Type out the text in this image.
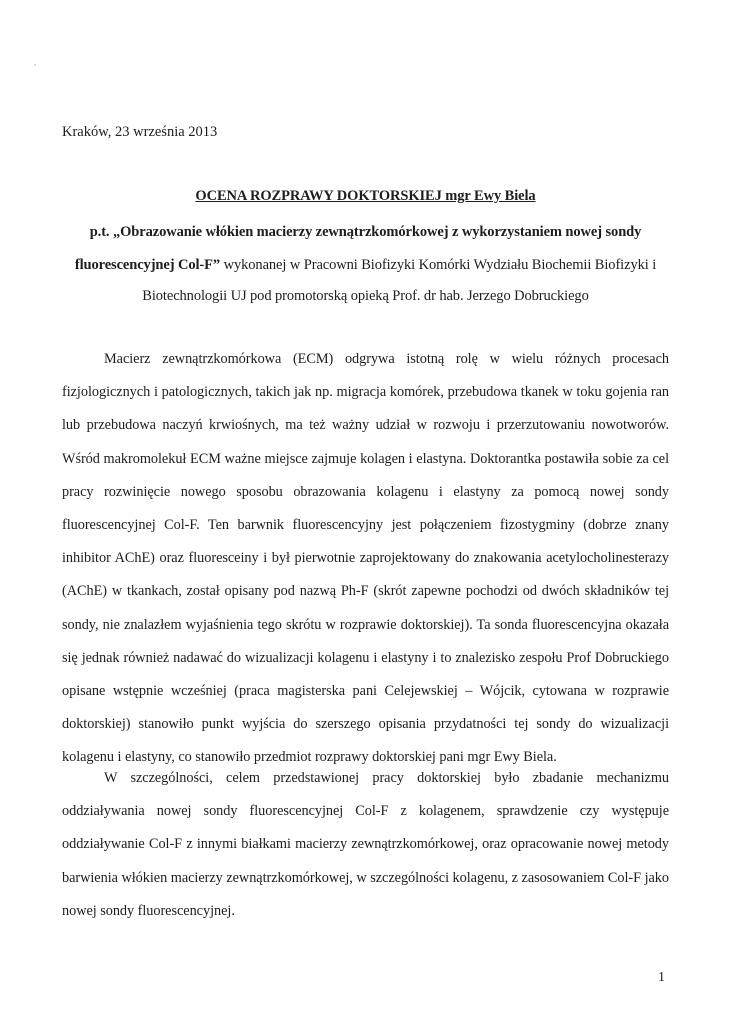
Kraków, 23 września 2013
OCENA ROZPRAWY DOKTORSKIEJ mgr Ewy Biela
p.t. „Obrazowanie włókien macierzy zewnątrzkomórkowej z wykorzystaniem nowej sondy
fluorescencyjnej Col-F” wykonanej w Pracowni Biofizyki Komórki Wydziału Biochemii Biofizyki i
Biotechnologii UJ pod promotorską opieką Prof. dr hab. Jerzego Dobruckiego

Macierz zewnątrzkomórkowa (ECM) odgrywa istotną rolę w wielu różnych procesach fizjologicznych i patologicznych, takich jak np. migracja komórek, przebudowa tkanek w toku gojenia ran lub przebudowa naczyń krwiośnych, ma też ważny udział w rozwoju i przerzutowaniu nowotworów. Wśród makromolekuł ECM ważne miejsce zajmuje kolagen i elastyna. Doktorantka postawiła sobie za cel pracy rozwinięcie nowego sposobu obrazowania kolagenu i elastyny za pomocą nowej sondy fluorescencyjnej Col-F. Ten barwnik fluorescencyjny jest połączeniem fizostygminy (dobrze znany inhibitor AChE) oraz fluoresceiny i był pierwotnie zaprojektowany do znakowania acetylocholinesterazy (AChE) w tkankach, został opisany pod nazwą Ph-F (skrót zapewne pochodzi od dwóch składników tej sondy, nie znalazłem wyjaśnienia tego skrótu w rozprawie doktorskiej). Ta sonda fluorescencyjna okazała się jednak również nadawać do wizualizacji kolagenu i elastyny i to znalezisko zespołu Prof Dobruckiego opisane wstępnie wcześniej (praca magisterska pani Celejewskiej – Wójcik, cytowana w rozprawie doktorskiej) stanowiło punkt wyjścia do szerszego opisania przydatności tej sondy do wizualizacji kolagenu i elastyny, co stanowiło przedmiot rozprawy doktorskiej pani mgr Ewy Biela.

W szczególności, celem przedstawionej pracy doktorskiej było zbadanie mechanizmu oddziaływania nowej sondy fluorescencyjnej Col-F z kolagenem, sprawdzenie czy występuje oddziaływanie Col-F z innymi białkami macierzy zewnątrzkomórkowej, oraz opracowanie nowej metody barwienia włókien macierzy zewnątrzkomórkowej, w szczególności kolagenu, z zasosowaniem Col-F jako nowej sondy fluorescencyjnej.

1
